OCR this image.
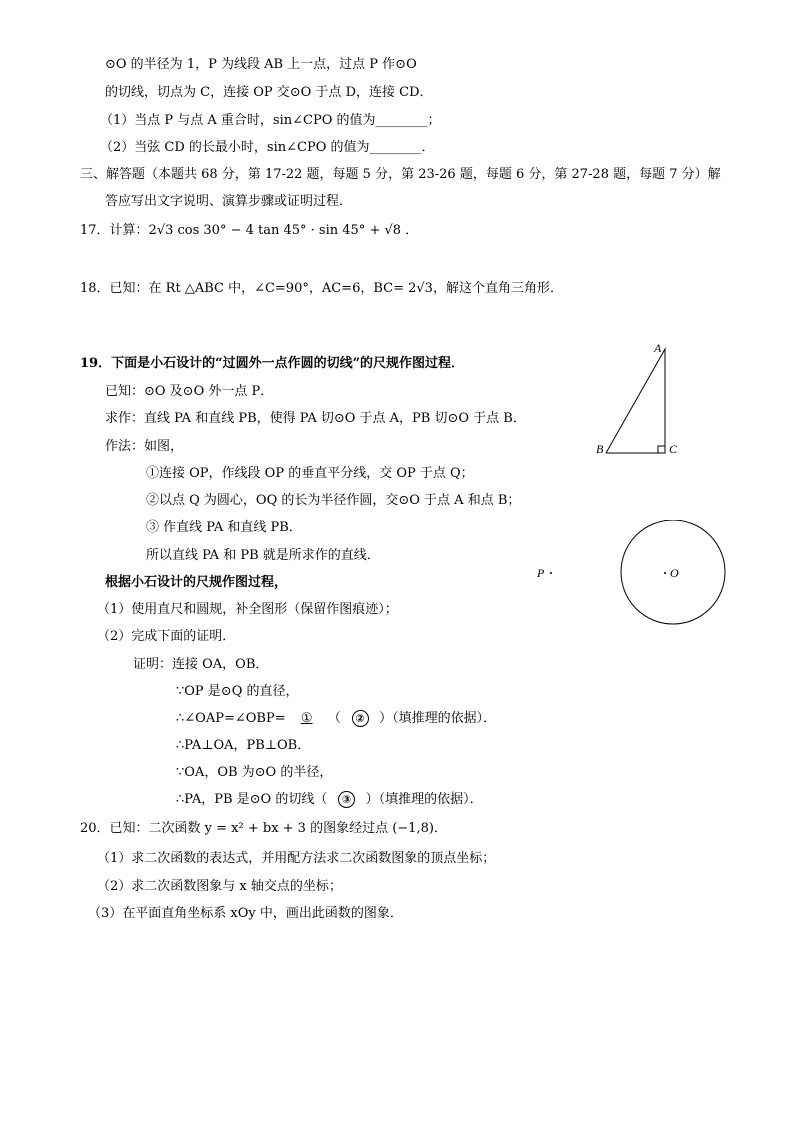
⊙O 的半径为 1，P 为线段 AB 上一点，过点 P 作⊙O
的切线，切点为 C，连接 OP 交⊙O 于点 D，连接 CD．
（1）当点 P 与点 A 重合时，sin∠CPO 的值为________；
（2）当弦 CD 的长最小时，sin∠CPO 的值为________．
三、解答题（本题共 68 分，第 17-22 题，每题 5 分，第 23-26 题，每题 6 分，第 27-28 题，每题 7 分）解
答应写出文字说明、演算步骤或证明过程．
17．计算：2√3 cos 30° − 4 tan 45° · sin 45° + √8 ．
18．已知：在 Rt △ABC 中，∠C=90°，AC=6，BC= 2√3，解这个直角三角形．
19．下面是小石设计的“过圆外一点作圆的切线”的尺规作图过程．
已知：⊙O 及⊙O 外一点 P．
求作：直线 PA 和直线 PB，使得 PA 切⊙O 于点 A，PB 切⊙O 于点 B．
作法：如图，
①连接 OP，作线段 OP 的垂直平分线，交 OP 于点 Q；
②以点 Q 为圆心，OQ 的长为半径作圆，交⊙O 于点 A 和点 B；
③ 作直线 PA 和直线 PB．
所以直线 PA 和 PB 就是所求作的直线．
根据小石设计的尺规作图过程，
（1）使用直尺和圆规，补全图形（保留作图痕迹）；
（2）完成下面的证明．
证明：连接 OA，OB．
∵OP 是⊙Q 的直径，
∴∠OAP=∠OBP= ① （ ② ）（填推理的依据）．
∴PA⊥OA，PB⊥OB．
∵OA，OB 为⊙O 的半径，
∴PA，PB 是⊙O 的切线（ ③ ）（填推理的依据）．
20．已知：二次函数 y = x² + bx + 3 的图象经过点 (−1,8)．
（1）求二次函数的表达式，并用配方法求二次函数图象的顶点坐标；
（2）求二次函数图象与 x 轴交点的坐标；
（3）在平面直角坐标系 xOy 中，画出此函数的图象．
A
B	C
P	O
